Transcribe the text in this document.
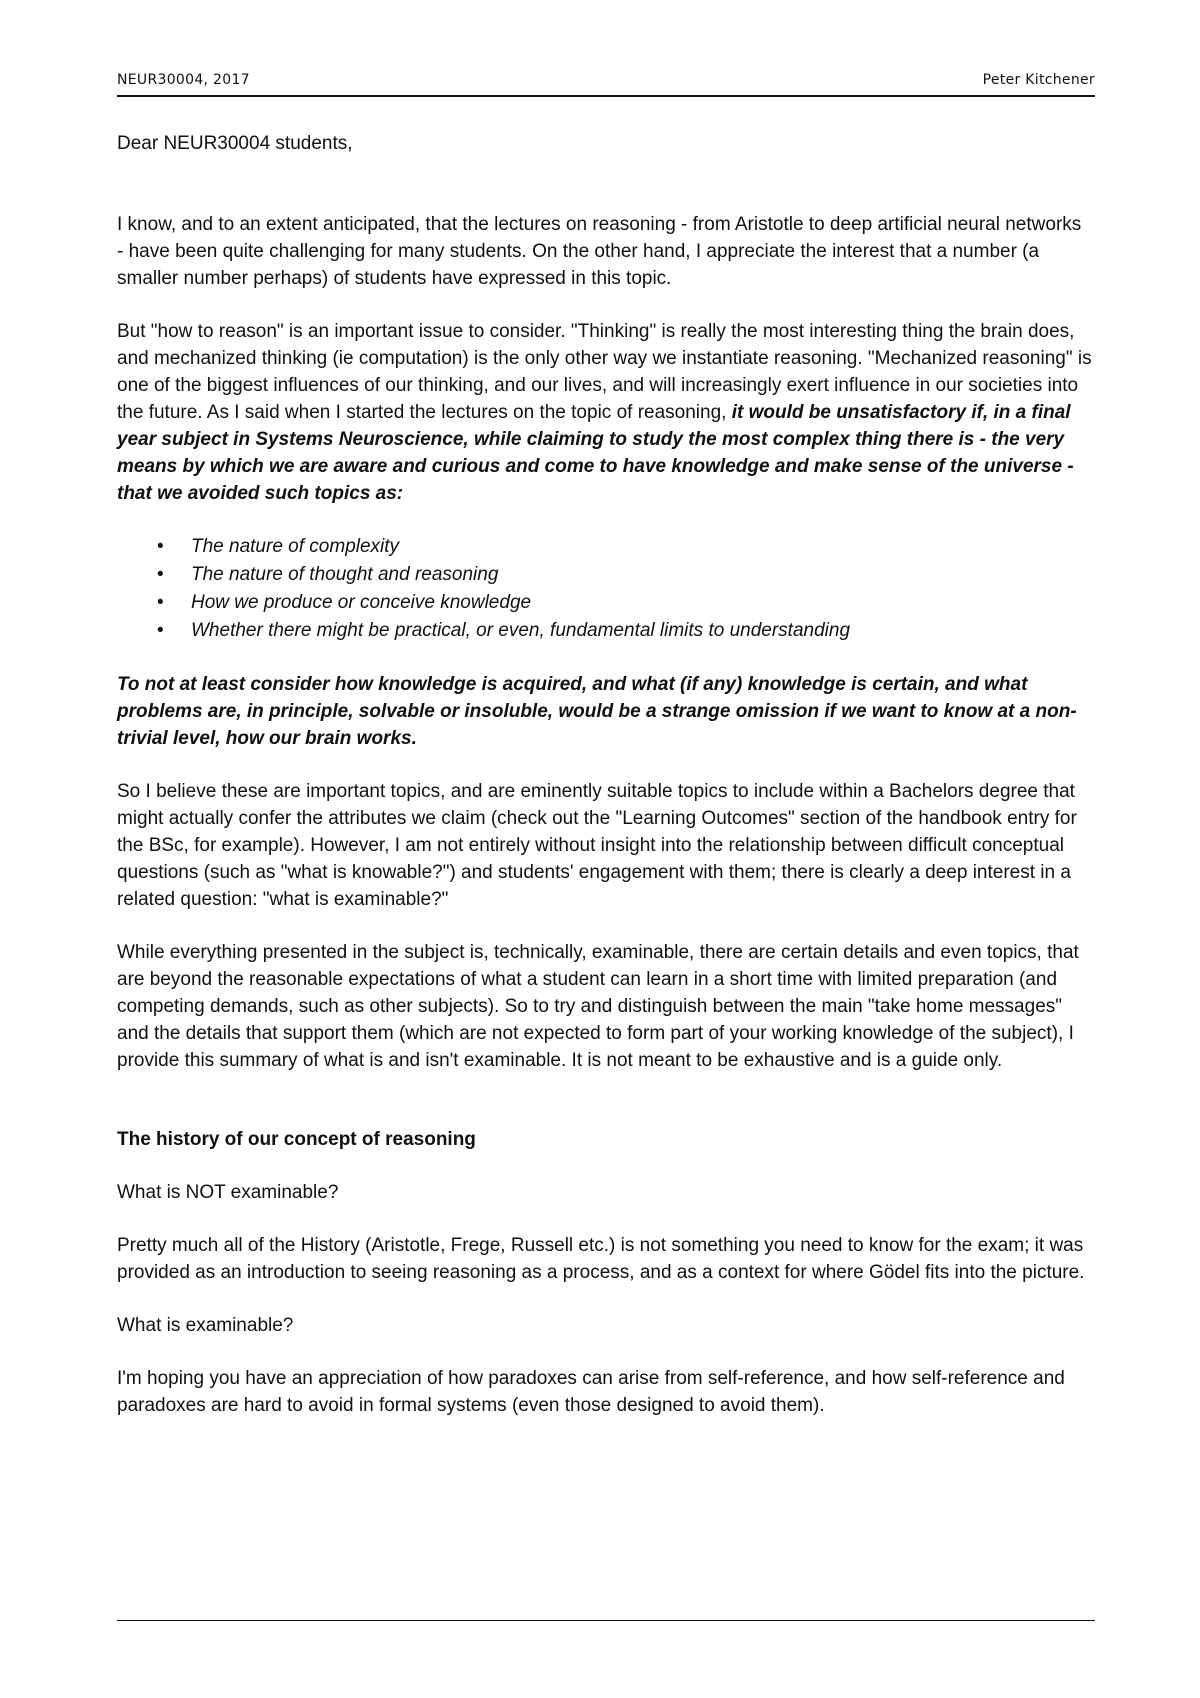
NEUR30004, 2017	Peter Kitchener

Dear NEUR30004 students,

I know, and to an extent anticipated, that the lectures on reasoning - from Aristotle to deep artificial neural networks - have been quite challenging for many students. On the other hand, I appreciate the interest that a number (a smaller number perhaps) of students have expressed in this topic.

But "how to reason" is an important issue to consider. "Thinking" is really the most interesting thing the brain does, and mechanized thinking (ie computation) is the only other way we instantiate reasoning. "Mechanized reasoning" is one of the biggest influences of our thinking, and our lives, and will increasingly exert influence in our societies into the future. As I said when I started the lectures on the topic of reasoning, it would be unsatisfactory if, in a final year subject in Systems Neuroscience, while claiming to study the most complex thing there is - the very means by which we are aware and curious and come to have knowledge and make sense of the universe - that we avoided such topics as:

• The nature of complexity
• The nature of thought and reasoning
• How we produce or conceive knowledge
• Whether there might be practical, or even, fundamental limits to understanding

To not at least consider how knowledge is acquired, and what (if any) knowledge is certain, and what problems are, in principle, solvable or insoluble, would be a strange omission if we want to know at a non-trivial level, how our brain works.

So I believe these are important topics, and are eminently suitable topics to include within a Bachelors degree that might actually confer the attributes we claim (check out the "Learning Outcomes" section of the handbook entry for the BSc, for example). However, I am not entirely without insight into the relationship between difficult conceptual questions (such as "what is knowable?") and students' engagement with them; there is clearly a deep interest in a related question: "what is examinable?"

While everything presented in the subject is, technically, examinable, there are certain details and even topics, that are beyond the reasonable expectations of what a student can learn in a short time with limited preparation (and competing demands, such as other subjects). So to try and distinguish between the main "take home messages" and the details that support them (which are not expected to form part of your working knowledge of the subject), I provide this summary of what is and isn't examinable. It is not meant to be exhaustive and is a guide only.

The history of our concept of reasoning

What is NOT examinable?

Pretty much all of the History (Aristotle, Frege, Russell etc.) is not something you need to know for the exam; it was provided as an introduction to seeing reasoning as a process, and as a context for where Gödel fits into the picture.

What is examinable?

I'm hoping you have an appreciation of how paradoxes can arise from self-reference, and how self-reference and paradoxes are hard to avoid in formal systems (even those designed to avoid them).
